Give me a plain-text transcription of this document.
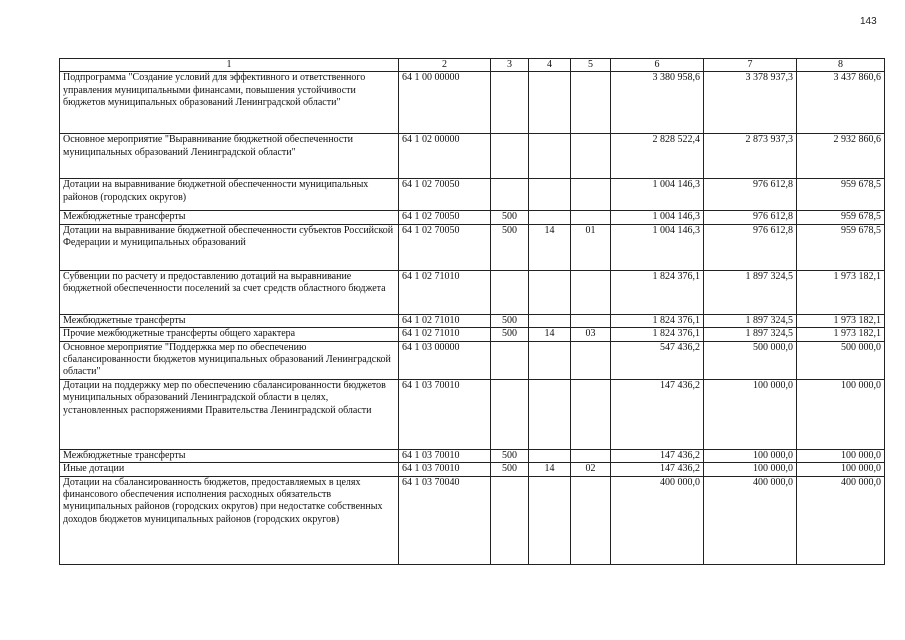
143
1	2	3	4	5	6	7	8
Подпрограмма "Создание условий для эффективного и ответственного управления муниципальными финансами, повышения устойчивости бюджетов муниципальных образований Ленинградской области"	64 1 00 00000				3 380 958,6	3 378 937,3	3 437 860,6
Основное мероприятие "Выравнивание бюджетной обеспеченности муниципальных образований Ленинградской области"	64 1 02 00000				2 828 522,4	2 873 937,3	2 932 860,6
Дотации на выравнивание бюджетной обеспеченности муниципальных районов (городских округов)	64 1 02 70050				1 004 146,3	976 612,8	959 678,5
Межбюджетные трансферты	64 1 02 70050	500			1 004 146,3	976 612,8	959 678,5
Дотации на выравнивание бюджетной обеспеченности субъектов Российской Федерации и муниципальных образований	64 1 02 70050	500	14	01	1 004 146,3	976 612,8	959 678,5
Субвенции по расчету и предоставлению дотаций на выравнивание бюджетной обеспеченности поселений за счет средств областного бюджета	64 1 02 71010				1 824 376,1	1 897 324,5	1 973 182,1
Межбюджетные трансферты	64 1 02 71010	500			1 824 376,1	1 897 324,5	1 973 182,1
Прочие межбюджетные трансферты общего характера	64 1 02 71010	500	14	03	1 824 376,1	1 897 324,5	1 973 182,1
Основное мероприятие "Поддержка мер по обеспечению сбалансированности бюджетов муниципальных образований Ленинградской области"	64 1 03 00000				547 436,2	500 000,0	500 000,0
Дотации на поддержку мер по обеспечению сбалансированности бюджетов муниципальных образований Ленинградской области в целях, установленных распоряжениями Правительства Ленинградской области	64 1 03 70010				147 436,2	100 000,0	100 000,0
Межбюджетные трансферты	64 1 03 70010	500			147 436,2	100 000,0	100 000,0
Иные дотации	64 1 03 70010	500	14	02	147 436,2	100 000,0	100 000,0
Дотации на сбалансированность бюджетов, предоставляемых в целях финансового обеспечения исполнения расходных обязательств муниципальных районов (городских округов) при недостатке собственных доходов бюджетов муниципальных районов (городских округов)	64 1 03 70040				400 000,0	400 000,0	400 000,0
